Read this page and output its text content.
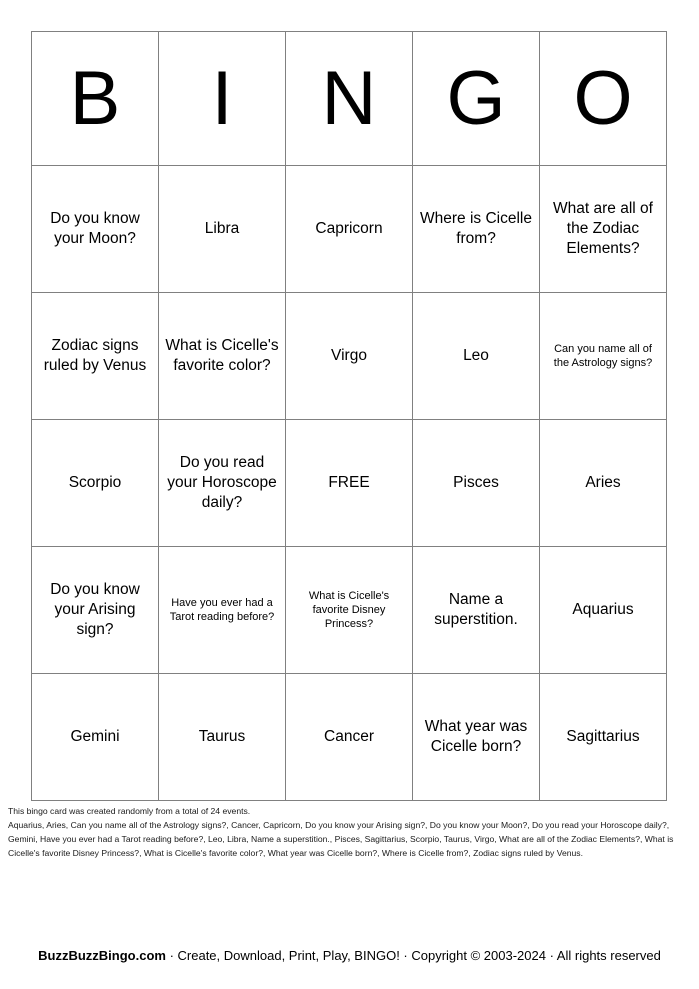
B	I	N	G	O

Do you know your Moon?	Libra	Capricorn	Where is Cicelle from?	What are all of the Zodiac Elements?

Zodiac signs ruled by Venus	What is Cicelle's favorite color?	Virgo	Leo	Can you name all of the Astrology signs?

Scorpio	Do you read your Horoscope daily?	FREE	Pisces	Aries

Do you know your Arising sign?	Have you ever had a Tarot reading before?	What is Cicelle's favorite Disney Princess?	Name a superstition.	Aquarius

Gemini	Taurus	Cancer	What year was Cicelle born?	Sagittarius

This bingo card was created randomly from a total of 24 events.

Aquarius, Aries, Can you name all of the Astrology signs?, Cancer, Capricorn, Do you know your Arising sign?, Do you know your Moon?, Do you read your Horoscope daily?, Gemini, Have you ever had a Tarot reading before?, Leo, Libra, Name a superstition., Pisces, Sagittarius, Scorpio, Taurus, Virgo, What are all of the Zodiac Elements?, What is Cicelle's favorite Disney Princess?, What is Cicelle's favorite color?, What year was Cicelle born?, Where is Cicelle from?, Zodiac signs ruled by Venus.

BuzzBuzzBingo.com · Create, Download, Print, Play, BINGO! · Copyright © 2003-2024 · All rights reserved
